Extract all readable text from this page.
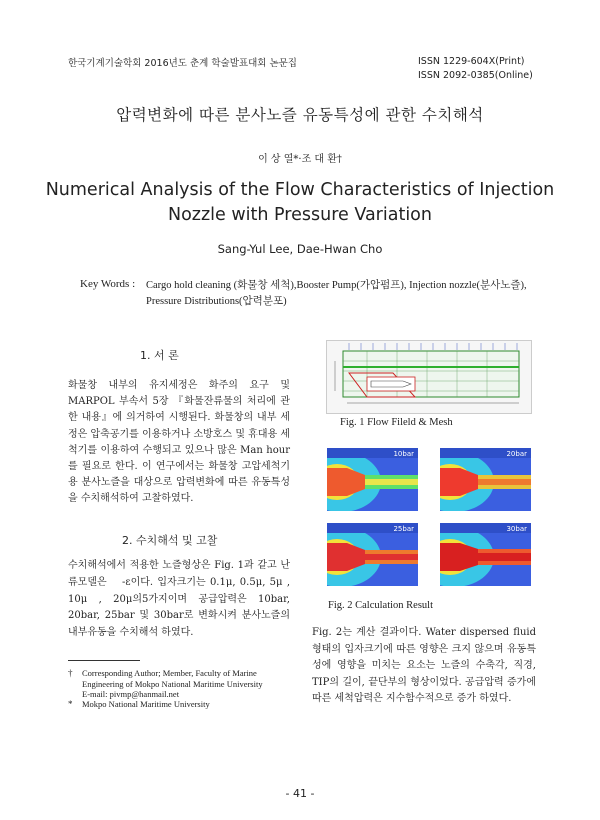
한국기계기술학회 2016년도 춘계 학술발표대회 논문집	ISSN 1229-604X(Print)
ISSN 2092-0385(Online)
압력변화에 따른 분사노즐 유동특성에 관한 수치해석
이 상 열*·조 대 환†
Numerical Analysis of the Flow Characteristics of Injection
Nozzle with Pressure Variation
Sang-Yul Lee, Dae-Hwan Cho
Key Words : Cargo hold cleaning (화물창 세척),Booster Pump(가압펌프), Injection nozzle(분사노즐), Pressure Distributions(압력분포)
1. 서 론
화물창 내부의 유지세정은 화주의 요구 및 MARPOL 부속서 5장 『화물잔류물의 처리에 관한 내용』에 의거하여 시행된다. 화물창의 내부 세정은 압축공기를 이용하거나 소방호스 및 휴대용 세척기를 이용하여 수행되고 있으나 많은 Man hour를 필요로 한다. 이 연구에서는 화물창 고압세척기용 분사노즐을 대상으로 압력변화에 따른 유동특성을 수치해석하여 고찰하였다.
2. 수치해석 및 고찰
수치해석에서 적용한 노즐형상은 Fig. 1과 같고 난류모델은 　-ε이다. 입자크기는 0.1μ, 0.5μ, 5μ , 10μ , 20μ의5가지이며 공급압력은 10bar, 20bar, 25bar 및 30bar로 변화시켜 분사노즐의 내부유동을 수치해석 하였다.
†	Corresponding Author; Member, Faculty of Marine Engineering of Mokpo National Maritime University
E-mail: pivmp@hanmail.net
*	Mokpo National Maritime University
Fig. 1 Flow Fileld & Mesh
10bar	20bar
25bar	30bar
Fig. 2 Calculation Result
Fig. 2는 계산 결과이다. Water dispersed fluid 형태의 입자크기에 따른 영향은 크지 않으며 유동특성에 영향을 미치는 요소는 노즐의 수축각, 직경, TIP의 길이, 끝단부의 형상이었다. 공급압력 증가에 따른 세척압력은 지수함수적으로 증가 하였다.
- 41 -
